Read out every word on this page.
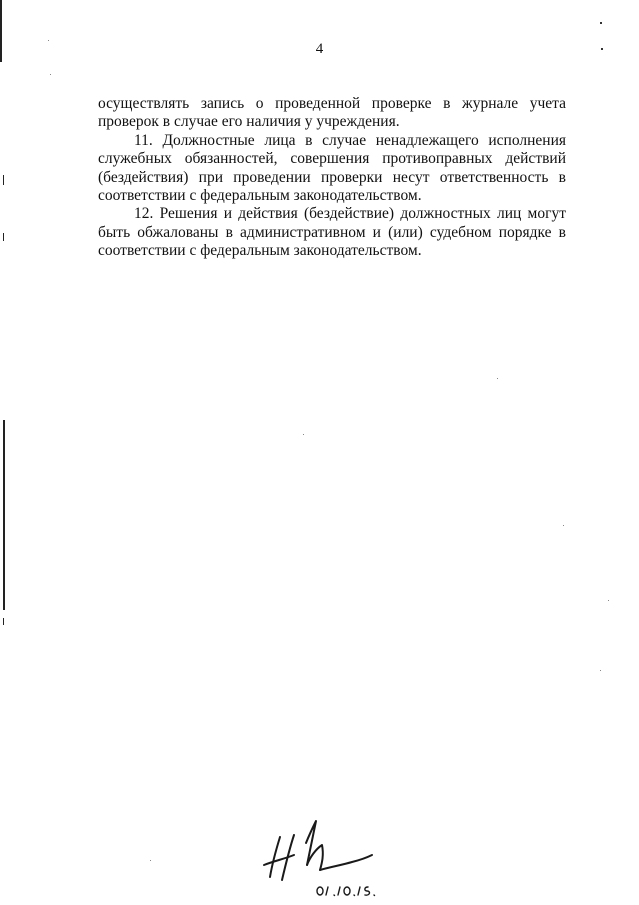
4

осуществлять запись о проведенной проверке в журнале учета проверок в случае его наличия у учреждения.

11. Должностные лица в случае ненадлежащего исполнения служебных обязанностей, совершения противоправных действий (бездействия) при проведении проверки несут ответственность в соответствии с федеральным законодательством.

12. Решения и действия (бездействие) должностных лиц могут быть обжалованы в административном и (или) судебном порядке в соответствии с федеральным законодательством.
